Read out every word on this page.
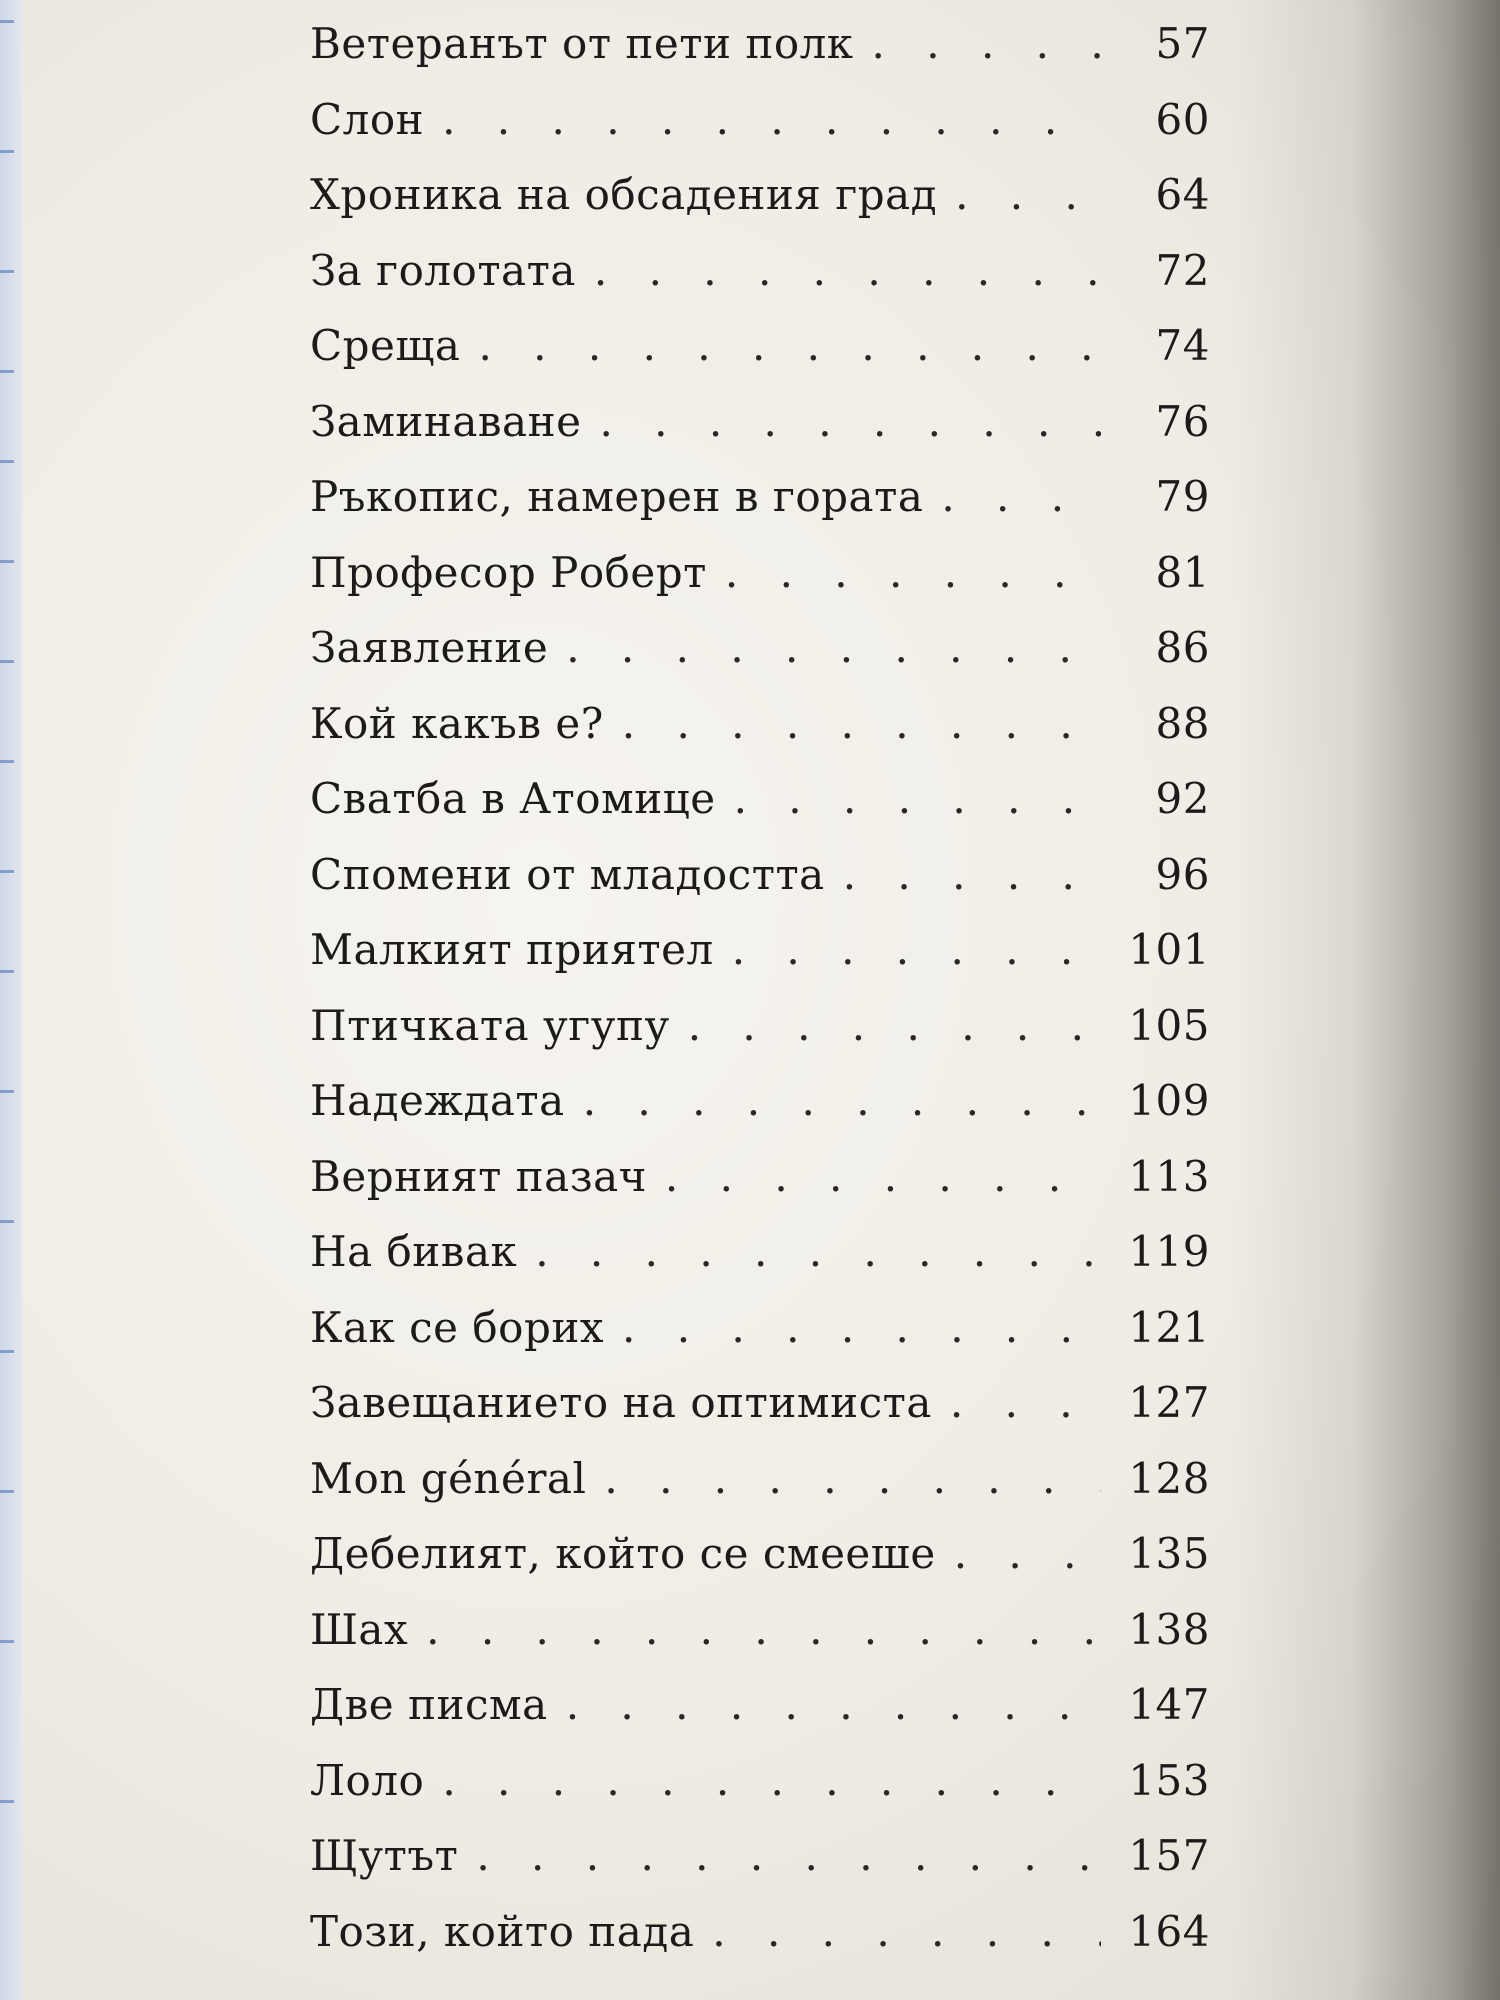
Ветеранът от пети полк . . .	57
Слон . . .	60
Хроника на обсадения град . . .	64
За голотата . . .	72
Среща . . .	74
Заминаване . . .	76
Ръкопис, намерен в гората . . .	79
Професор Роберт . . .	81
Заявление . . .	86
Кой какъв е? . . .	88
Сватба в Атомице . . .	92
Спомени от младостта . . .	96
Малкият приятел . . .	101
Птичката угупу . . .	105
Надеждата . . .	109
Верният пазач . . .	113
На бивак . . .	119
Как се борих . . .	121
Завещанието на оптимиста . . .	127
Mon général . . .	128
Дебелият, който се смееше . . .	135
Шах . . .	138
Две писма . . .	147
Лоло . . .	153
Щутът . . .	157
Този, който пада . . .	164
